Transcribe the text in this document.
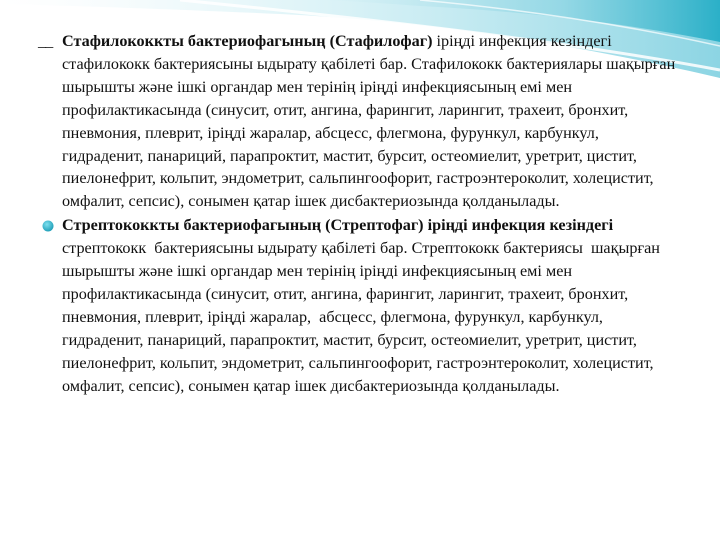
__ Стафилококкты бактериофагының (Стафилофаг) іріңді инфекция кезіндегі стафилококк бактериясыны ыдырату қабілеті бар. Стафилококк бактериялары шақырған шырышты және ішкі органдар мен терінің іріңді инфекциясының емі мен профилактикасында (синусит, отит, ангина, фарингит, ларингит, трахеит, бронхит, пневмония, плеврит, іріңді жаралар, абсцесс, флегмона, фурункул, карбункул, гидраденит, панариций, парапроктит, мастит, бурсит, остеомиелит, уретрит, цистит, пиелонефрит, кольпит, эндометрит, сальпингоофорит, гастроэнтероколит, холецистит, омфалит, сепсис), сонымен қатар ішек дисбактериозында қолданылады.

Стрептококкты бактериофагының (Стрептофаг) іріңді инфекция кезіндегі    стрептококк  бактериясыны ыдырату қабілеті бар. Стрептококк бактериясы  шақырған шырышты және ішкі органдар мен терінің іріңді инфекциясының емі мен профилактикасында (синусит, отит, ангина, фарингит, ларингит, трахеит, бронхит, пневмония, плеврит, іріңді жаралар,  абсцесс, флегмона, фурункул, карбункул, гидраденит, панариций, парапроктит, мастит, бурсит, остеомиелит, уретрит, цистит, пиелонефрит, кольпит, эндометрит, сальпингоофорит, гастроэнтероколит, холецистит, омфалит, сепсис), сонымен қатар ішек дисбактериозында қолданылады.
